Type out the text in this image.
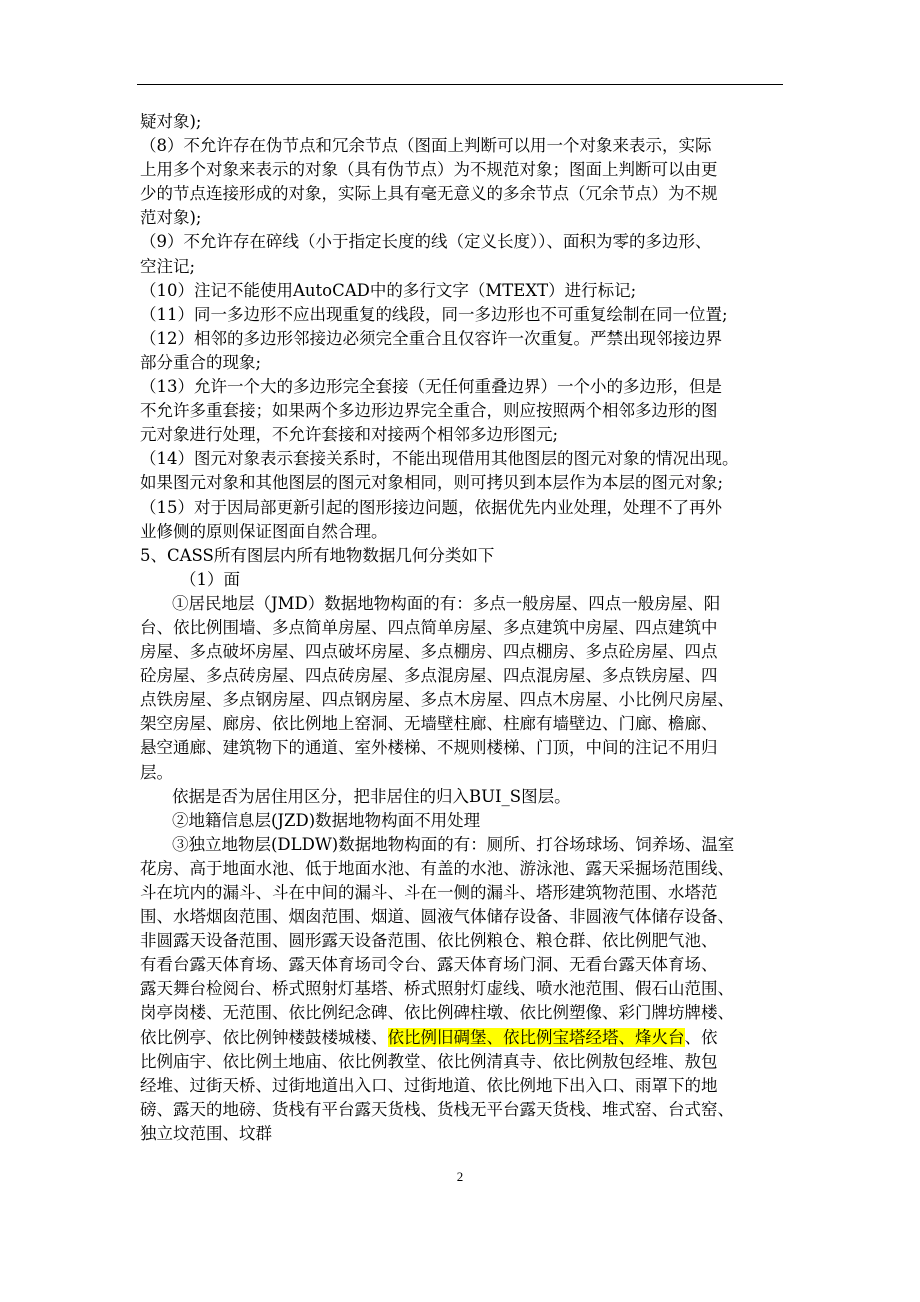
疑对象);
（8）不允许存在伪节点和冗余节点（图面上判断可以用一个对象来表示，实际
上用多个对象来表示的对象（具有伪节点）为不规范对象；图面上判断可以由更
少的节点连接形成的对象，实际上具有毫无意义的多余节点（冗余节点）为不规
范对象);
（9）不允许存在碎线（小于指定长度的线（定义长度））、面积为零的多边形、
空注记;
（10）注记不能使用AutoCAD中的多行文字（MTEXT）进行标记;
（11）同一多边形不应出现重复的线段，同一多边形也不可重复绘制在同一位置;
（12）相邻的多边形邻接边必须完全重合且仅容许一次重复。严禁出现邻接边界
部分重合的现象;
（13）允许一个大的多边形完全套接（无任何重叠边界）一个小的多边形，但是
不允许多重套接；如果两个多边形边界完全重合，则应按照两个相邻多边形的图
元对象进行处理，不允许套接和对接两个相邻多边形图元;
（14）图元对象表示套接关系时，不能出现借用其他图层的图元对象的情况出现。
如果图元对象和其他图层的图元对象相同，则可拷贝到本层作为本层的图元对象;
（15）对于因局部更新引起的图形接边问题，依据优先内业处理，处理不了再外
业修侧的原则保证图面自然合理。
5、CASS所有图层内所有地物数据几何分类如下
（1）面
①居民地层（JMD）数据地物构面的有：多点一般房屋、四点一般房屋、阳
台、依比例围墙、多点简单房屋、四点简单房屋、多点建筑中房屋、四点建筑中
房屋、多点破坏房屋、四点破坏房屋、多点棚房、四点棚房、多点砼房屋、四点
砼房屋、多点砖房屋、四点砖房屋、多点混房屋、四点混房屋、多点铁房屋、四
点铁房屋、多点钢房屋、四点钢房屋、多点木房屋、四点木房屋、小比例尺房屋、
架空房屋、廊房、依比例地上窑洞、无墙壁柱廊、柱廊有墙壁边、门廊、檐廊、
悬空通廊、建筑物下的通道、室外楼梯、不规则楼梯、门顶，中间的注记不用归
层。
依据是否为居住用区分，把非居住的归入BUI_S图层。
②地籍信息层(JZD)数据地物构面不用处理
③独立地物层(DLDW)数据地物构面的有：厕所、打谷场球场、饲养场、温室
花房、高于地面水池、低于地面水池、有盖的水池、游泳池、露天采掘场范围线、
斗在坑内的漏斗、斗在中间的漏斗、斗在一侧的漏斗、塔形建筑物范围、水塔范
围、水塔烟囱范围、烟囱范围、烟道、圆液气体储存设备、非圆液气体储存设备、
非圆露天设备范围、圆形露天设备范围、依比例粮仓、粮仓群、依比例肥气池、
有看台露天体育场、露天体育场司令台、露天体育场门洞、无看台露天体育场、
露天舞台检阅台、桥式照射灯基塔、桥式照射灯虚线、喷水池范围、假石山范围、
岗亭岗楼、无范围、依比例纪念碑、依比例碑柱墩、依比例塑像、彩门牌坊牌楼、
依比例亭、依比例钟楼鼓楼城楼、依比例旧碉堡、依比例宝塔经塔、烽火台、依
比例庙宇、依比例土地庙、依比例教堂、依比例清真寺、依比例敖包经堆、敖包
经堆、过街天桥、过街地道出入口、过街地道、依比例地下出入口、雨罩下的地
磅、露天的地磅、货栈有平台露天货栈、货栈无平台露天货栈、堆式窑、台式窑、
独立坟范围、坟群
2
